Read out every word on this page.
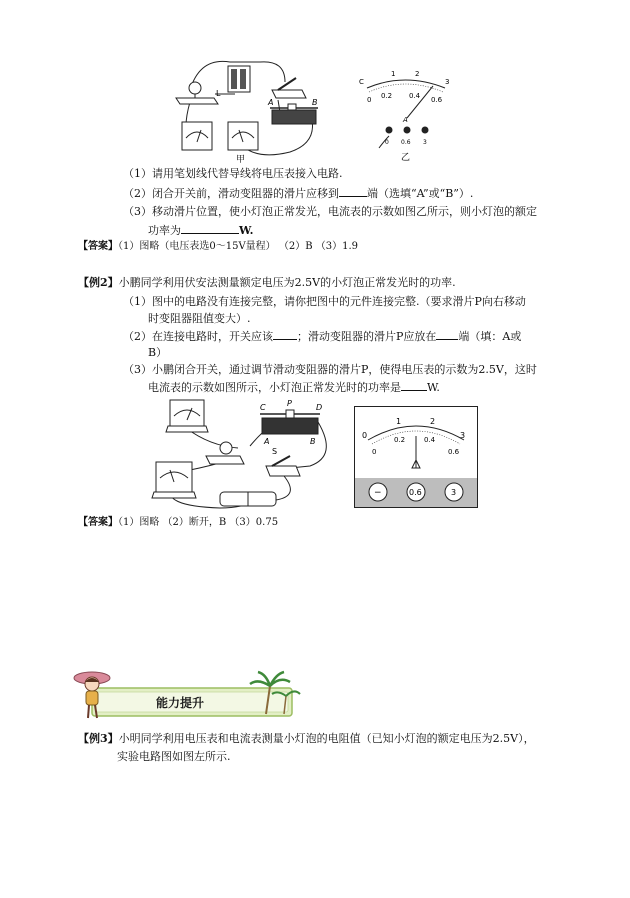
L
A	B
甲
C
1	2
3
0 0.2 0.4 0.6
A
0 0.6 3
乙
（1）请用笔划线代替导线将电压表接入电路.
（2）闭合开关前，滑动变阻器的滑片应移到	端（选填“A”或“B”）.
（3）移动滑片位置，使小灯泡正常发光，电流表的示数如图乙所示，则小灯泡的额定
功率为	W.
【答案】（1）图略（电压表选0～15V量程） （2）B （3）1.9
【例2】小鹏同学利用伏安法测量额定电压为2.5V的小灯泡正常发光时的功率.
（1）图中的电路没有连接完整，请你把图中的元件连接完整.（要求滑片P向右移动
时变阻器阻值变大）.
（2）在连接电路时，开关应该 ；滑动变阻器的滑片P应放在 端（填：A或
B）
（3）小鹏闭合开关，通过调节滑动变阻器的滑片P，使得电压表的示数为2.5V，这时
电流表的示数如图所示，小灯泡正常发光时的功率是 W.
C	P	D
A	B
S
1	2
0	3
0.2	0.4
0	0.6
−	0.6	3
【答案】（1）图略 （2）断开，B （3）0.75
能力提升
【例3】小明同学利用电压表和电流表测量小灯泡的电阻值（已知小灯泡的额定电压为2.5V），
实验电路图如图左所示.
